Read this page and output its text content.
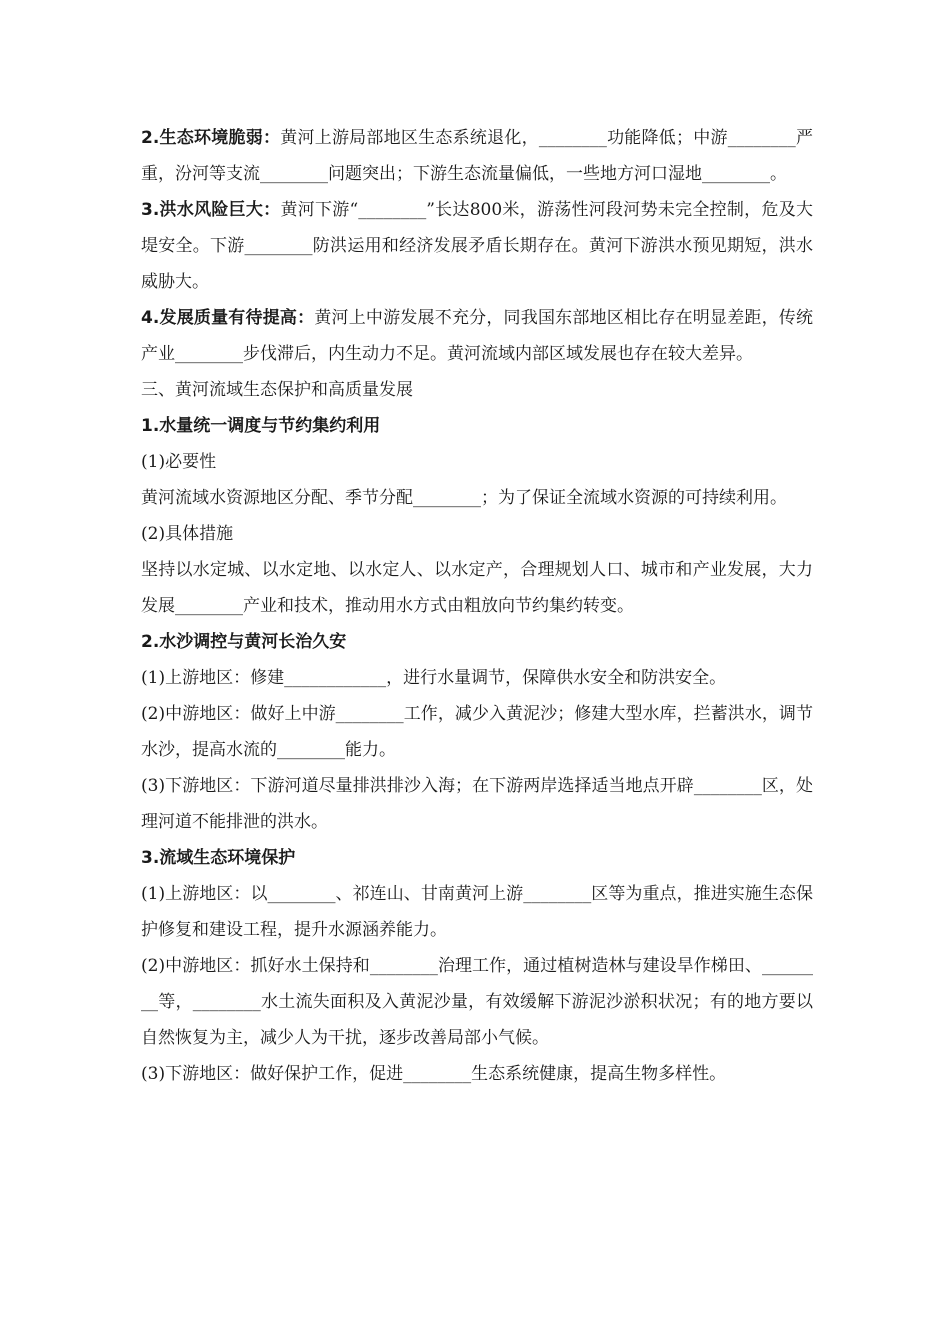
2.生态环境脆弱：黄河上游局部地区生态系统退化，________功能降低；中游________严重，汾河等支流________问题突出；下游生态流量偏低，一些地方河口湿地________。

3.洪水风险巨大：黄河下游“________”长达800米，游荡性河段河势未完全控制，危及大堤安全。下游________防洪运用和经济发展矛盾长期存在。黄河下游洪水预见期短，洪水威胁大。

4.发展质量有待提高：黄河上中游发展不充分，同我国东部地区相比存在明显差距，传统产业________步伐滞后，内生动力不足。黄河流域内部区域发展也存在较大差异。

三、黄河流域生态保护和高质量发展

1.水量统一调度与节约集约利用

(1)必要性

黄河流域水资源地区分配、季节分配________；为了保证全流域水资源的可持续利用。

(2)具体措施

坚持以水定城、以水定地、以水定人、以水定产，合理规划人口、城市和产业发展，大力发展________产业和技术，推动用水方式由粗放向节约集约转变。

2.水沙调控与黄河长治久安

(1)上游地区：修建____________，进行水量调节，保障供水安全和防洪安全。

(2)中游地区：做好上中游________工作，减少入黄泥沙；修建大型水库，拦蓄洪水，调节水沙，提高水流的________能力。

(3)下游地区：下游河道尽量排洪排沙入海；在下游两岸选择适当地点开辟________区，处理河道不能排泄的洪水。

3.流域生态环境保护

(1)上游地区：以________、祁连山、甘南黄河上游________区等为重点，推进实施生态保护修复和建设工程，提升水源涵养能力。

(2)中游地区：抓好水土保持和________治理工作，通过植树造林与建设旱作梯田、________等，________水土流失面积及入黄泥沙量，有效缓解下游泥沙淤积状况；有的地方要以自然恢复为主，减少人为干扰，逐步改善局部小气候。

(3)下游地区：做好保护工作，促进________生态系统健康，提高生物多样性。
